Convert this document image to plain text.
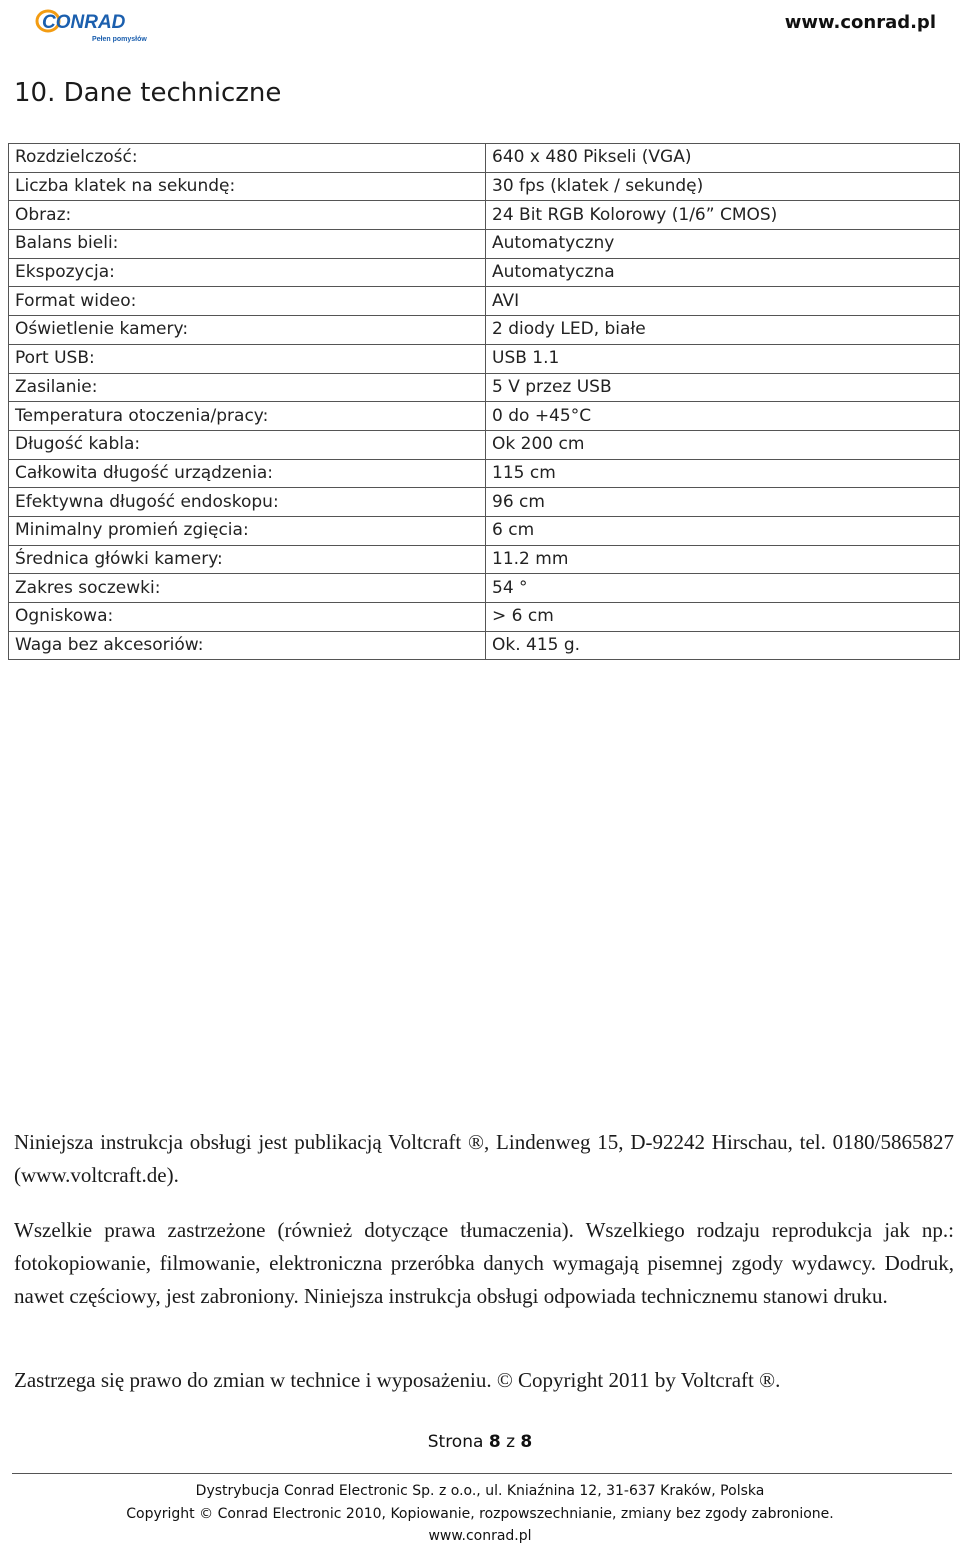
CONRAD
Pełen pomysłów
www.conrad.pl
10. Dane techniczne
Rozdzielczość:	640 x 480 Pikseli (VGA)
Liczba klatek na sekundę:	30 fps (klatek / sekundę)
Obraz:	24 Bit RGB Kolorowy (1/6” CMOS)
Balans bieli:	Automatyczny
Ekspozycja:	Automatyczna
Format wideo:	AVI
Oświetlenie kamery:	2 diody LED, białe
Port USB:	USB 1.1
Zasilanie:	5 V przez USB
Temperatura otoczenia/pracy:	0 do +45°C
Długość kabla:	Ok 200 cm
Całkowita długość urządzenia:	115 cm
Efektywna długość endoskopu:	96 cm
Minimalny promień zgięcia:	6 cm
Średnica główki kamery:	11.2 mm
Zakres soczewki:	54 °
Ogniskowa:	> 6 cm
Waga bez akcesoriów:	Ok. 415 g.
Niniejsza instrukcja obsługi jest publikacją Voltcraft ®, Lindenweg 15, D-92242 Hirschau, tel. 0180/5865827 (www.voltcraft.de).
Wszelkie prawa zastrzeżone (również dotyczące tłumaczenia). Wszelkiego rodzaju reprodukcja jak np.: fotokopiowanie, filmowanie, elektroniczna przeróbka danych wymagają pisemnej zgody wydawcy. Dodruk, nawet częściowy, jest zabroniony. Niniejsza instrukcja obsługi odpowiada technicznemu stanowi druku.
Zastrzega się prawo do zmian w technice i wyposażeniu. © Copyright 2011 by Voltcraft ®.
Strona 8 z 8
Dystrybucja Conrad Electronic Sp. z o.o., ul. Kniaźnina 12, 31-637 Kraków, Polska
Copyright © Conrad Electronic 2010, Kopiowanie, rozpowszechnianie, zmiany bez zgody zabronione.
www.conrad.pl
